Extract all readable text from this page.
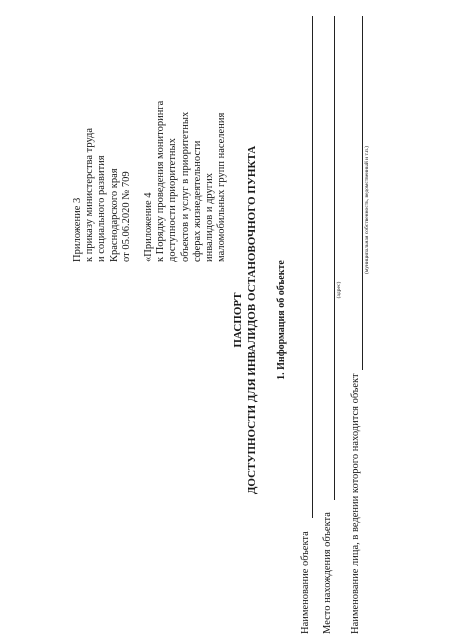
Приложение 3 к приказу министерства труда и социального развития Краснодарского края от 05.06.2020 № 709 «Приложение 4 к Порядку проведения мониторинга доступности приоритетных объектов и услуг в приоритетных сферах жизнедеятельности инвалидов и других маломобильных групп населения
ПАСПОРТ ДОСТУПНОСТИ ДЛЯ ИНВАЛИДОВ ОСТАНОВОЧНОГО ПУНКТА 1. Информация об объекте
Наименование объекта Место нахождения объекта
(адрес)
Наименование лица, в ведении которого находится объект
(муниципальная собственность, ведомственный и т.п.)
